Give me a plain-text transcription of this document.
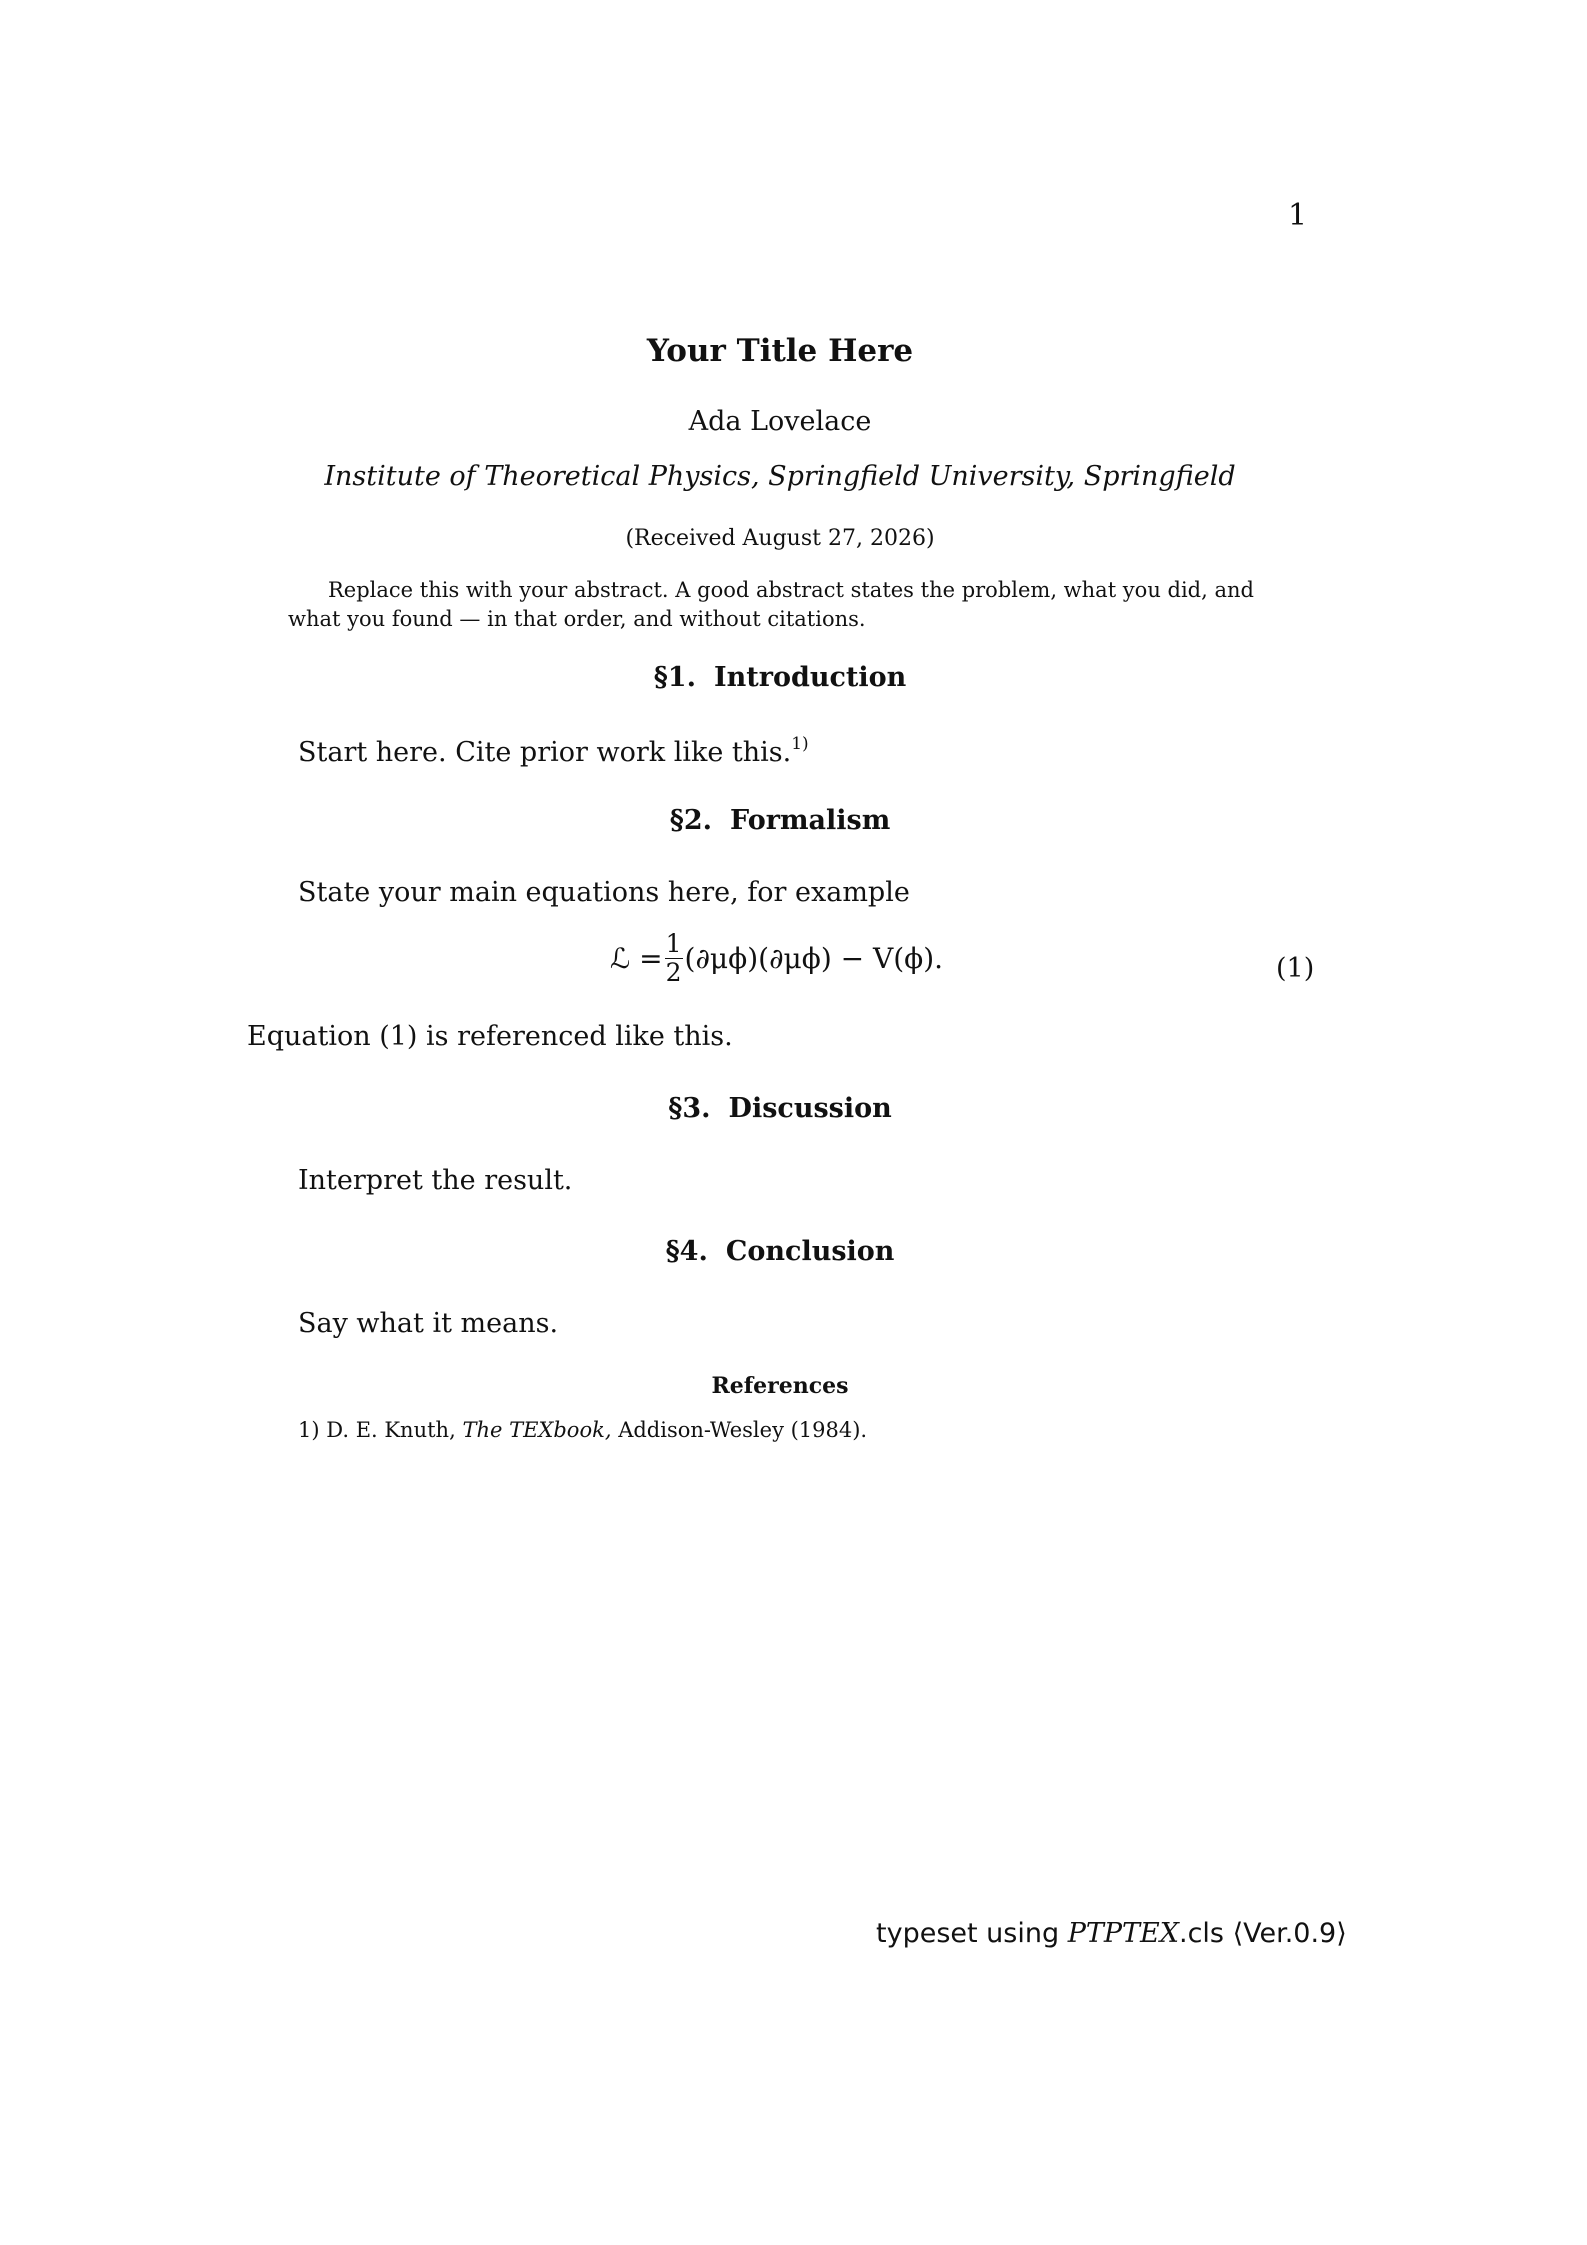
1
Your Title Here
Ada Lovelace
Institute of Theoretical Physics, Springfield University, Springfield
(Received August 27, 2026)
Replace this with your abstract. A good abstract states the problem, what you did, and what you found — in that order, and without citations.
§1. Introduction
Start here. Cite prior work like this.$^{1)}$
§2. Formalism
State your main equations here, for example
ℒ = $\frac{1}{2} (\partial\mu\phi)(\partial\mu\phi) - V(\phi)$.	(1)
Equation (1) is referenced like this.
§3. Discussion
Interpret the result.
§4. Conclusion
Say what it means.
References
1) D. E. Knuth, The TEXbook, Addison-Wesley (1984).
typeset using PTPTEX.cls ⟨Ver.0.9⟩
